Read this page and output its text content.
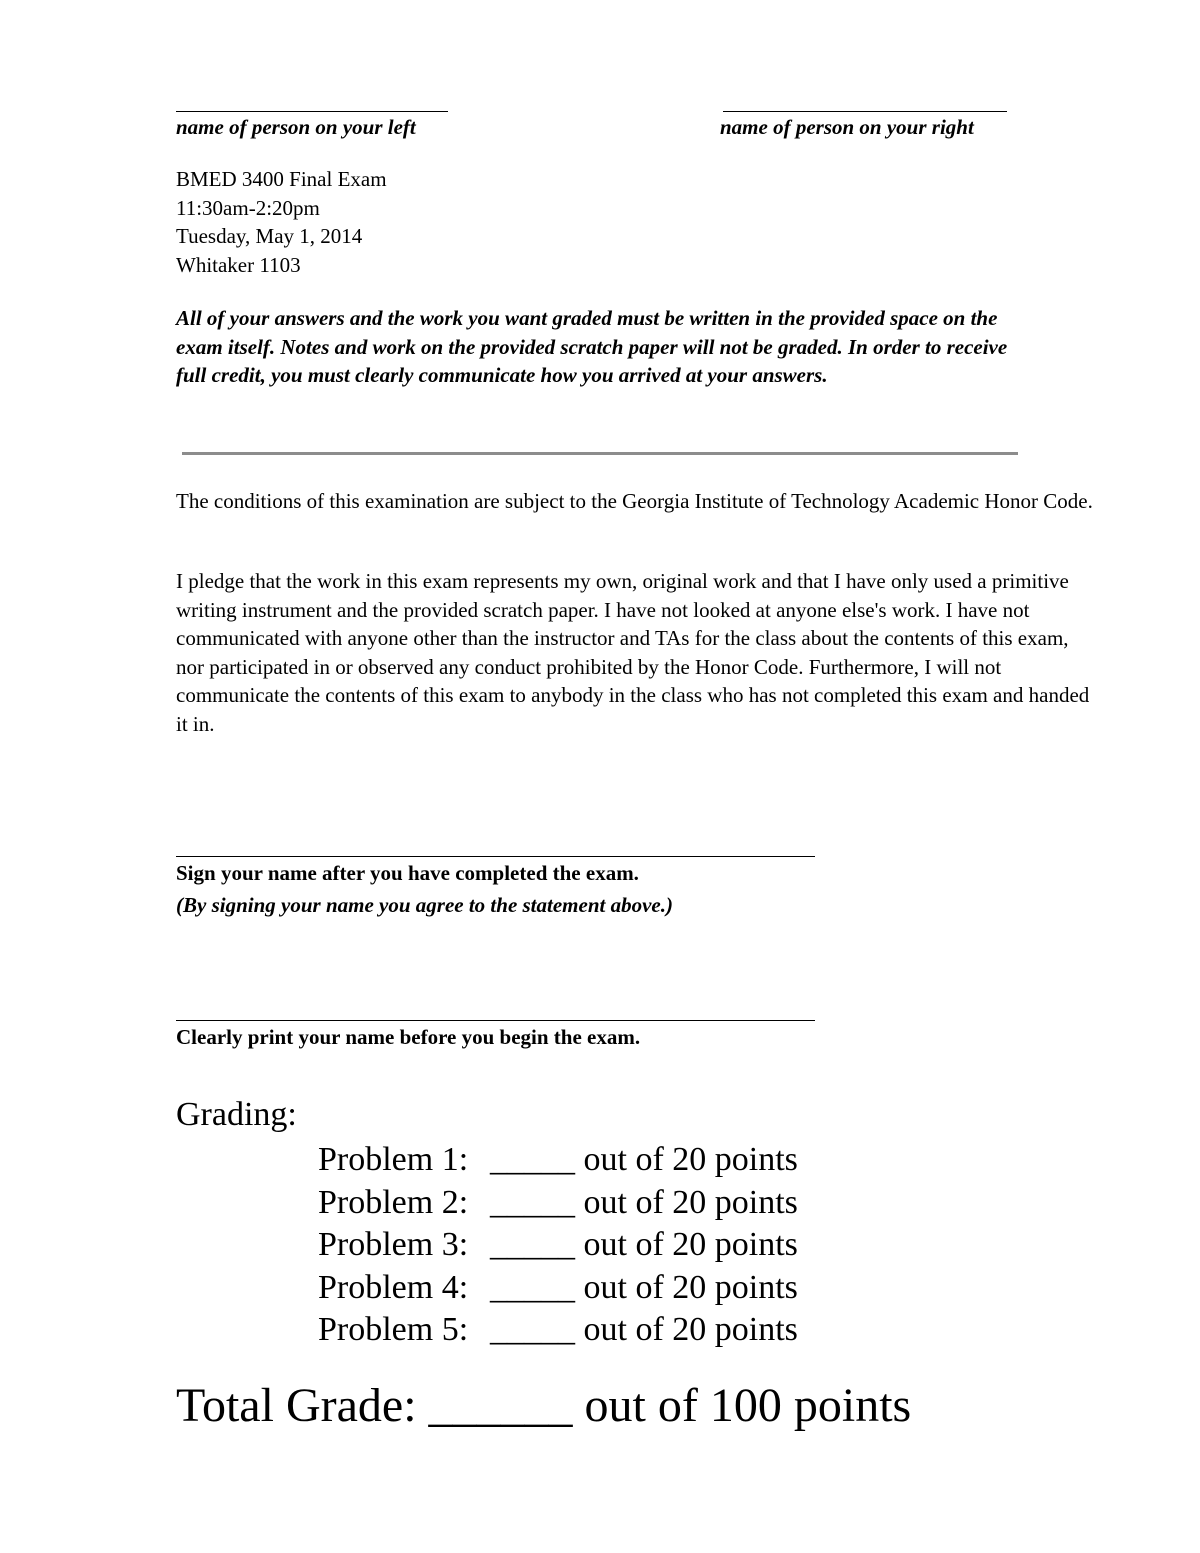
name of person on your left	name of person on your right
BMED 3400 Final Exam
11:30am-2:20pm
Tuesday, May 1, 2014
Whitaker 1103
All of your answers and the work you want graded must be written in the provided space on the exam itself. Notes and work on the provided scratch paper will not be graded. In order to receive full credit, you must clearly communicate how you arrived at your answers.
The conditions of this examination are subject to the Georgia Institute of Technology Academic Honor Code.
I pledge that the work in this exam represents my own, original work and that I have only used a primitive writing instrument and the provided scratch paper. I have not looked at anyone else's work. I have not communicated with anyone other than the instructor and TAs for the class about the contents of this exam, nor participated in or observed any conduct prohibited by the Honor Code. Furthermore, I will not communicate the contents of this exam to anybody in the class who has not completed this exam and handed it in.
Sign your name after you have completed the exam.
(By signing your name you agree to the statement above.)
Clearly print your name before you begin the exam.
Grading:
Problem 1: _____ out of 20 points
Problem 2: _____ out of 20 points
Problem 3: _____ out of 20 points
Problem 4: _____ out of 20 points
Problem 5: _____ out of 20 points
Total Grade: ______ out of 100 points
